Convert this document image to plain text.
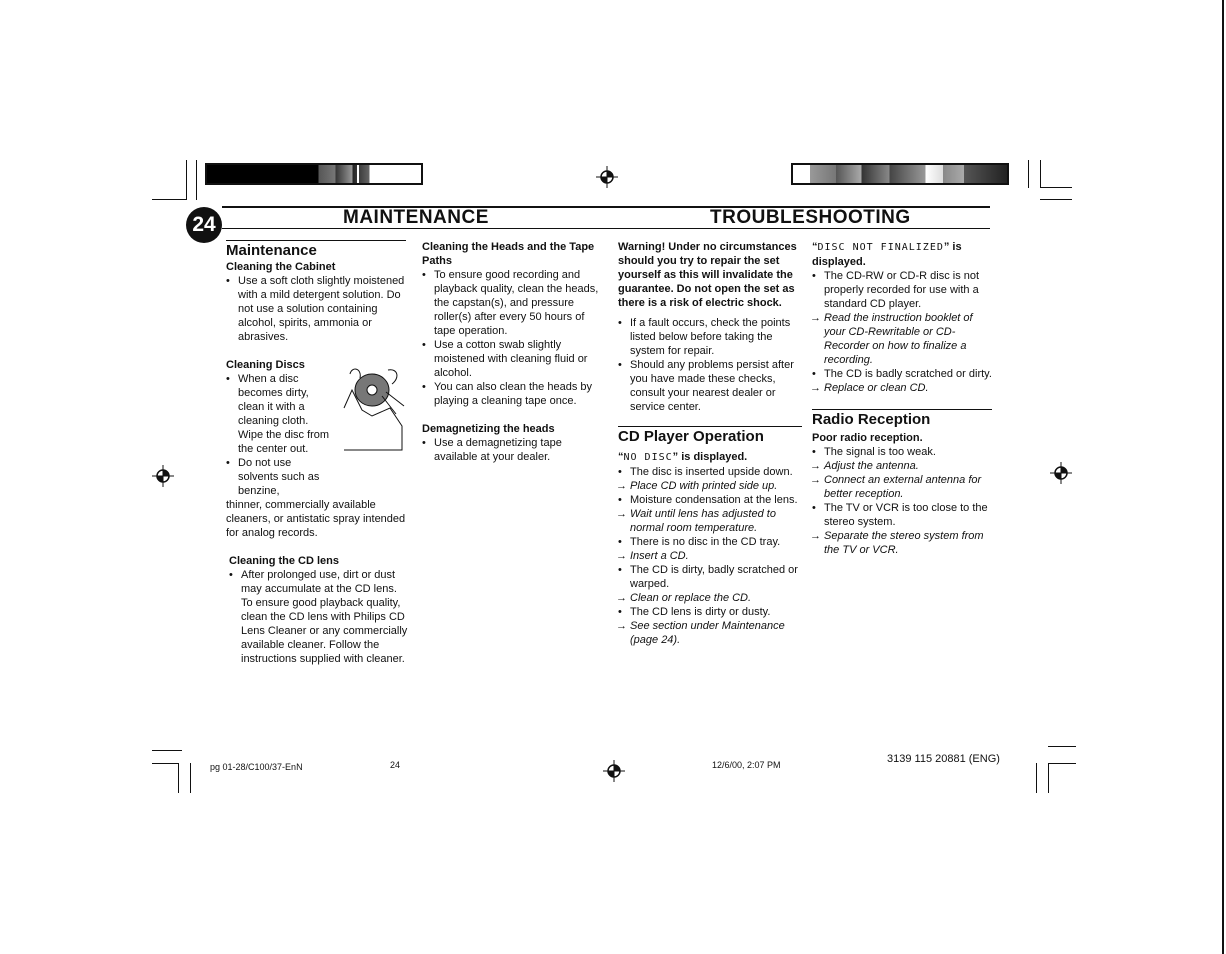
24	MAINTENANCE	TROUBLESHOOTING
Maintenance
Cleaning the Cabinet
• Use a soft cloth slightly moistened with a mild detergent solution. Do not use a solution containing alcohol, spirits, ammonia or abrasives.
Cleaning Discs
• When a disc becomes dirty, clean it with a cleaning cloth. Wipe the disc from the center out.
• Do not use solvents such as benzine,

thinner, commercially available cleaners, or antistatic spray intended for analog records.

Cleaning the CD lens
• After prolonged use, dirt or dust may accumulate at the CD lens. To ensure good playback quality, clean the CD lens with Philips CD Lens Cleaner or any commercially available cleaner. Follow the instructions supplied with cleaner.
Cleaning the Heads and the Tape Paths
• To ensure good recording and playback quality, clean the heads, the capstan(s), and pressure roller(s) after every 50 hours of tape operation.
• Use a cotton swab slightly moistened with cleaning fluid or alcohol.
• You can also clean the heads by playing a cleaning tape once.
Demagnetizing the heads
• Use a demagnetizing tape available at your dealer.

Warning! Under no circumstances should you try to repair the set yourself as this will invalidate the guarantee. Do not open the set as there is a risk of electric shock.

• If a fault occurs, check the points listed below before taking the system for repair.
• Should any problems persist after you have made these checks, consult your nearest dealer or service center.
CD Player Operation
“NO DISC” is displayed.
• The disc is inserted upside down.
→ Place CD with printed side up.
• Moisture condensation at the lens.
→ Wait until lens has adjusted to normal room temperature.
• There is no disc in the CD tray.
→ Insert a CD.
• The CD is dirty, badly scratched or warped.
→ Clean or replace the CD.
• The CD lens is dirty or dusty.
→ See section under Maintenance (page 24).
“DISC NOT FINALIZED” is displayed.
• The CD-RW or CD-R disc is not properly recorded for use with a standard CD player.
→ Read the instruction booklet of your CD-Rewritable or CD-Recorder on how to finalize a recording.
• The CD is badly scratched or dirty.
→ Replace or clean CD.
Radio Reception
Poor radio reception.
• The signal is too weak.
→ Adjust the antenna.
→ Connect an external antenna for better reception.
• The TV or VCR is too close to the stereo system.
→ Separate the stereo system from the TV or VCR.
pg 01-28/C100/37-EnN	24	12/6/00, 2:07 PM	3139 115 20881 (ENG)
